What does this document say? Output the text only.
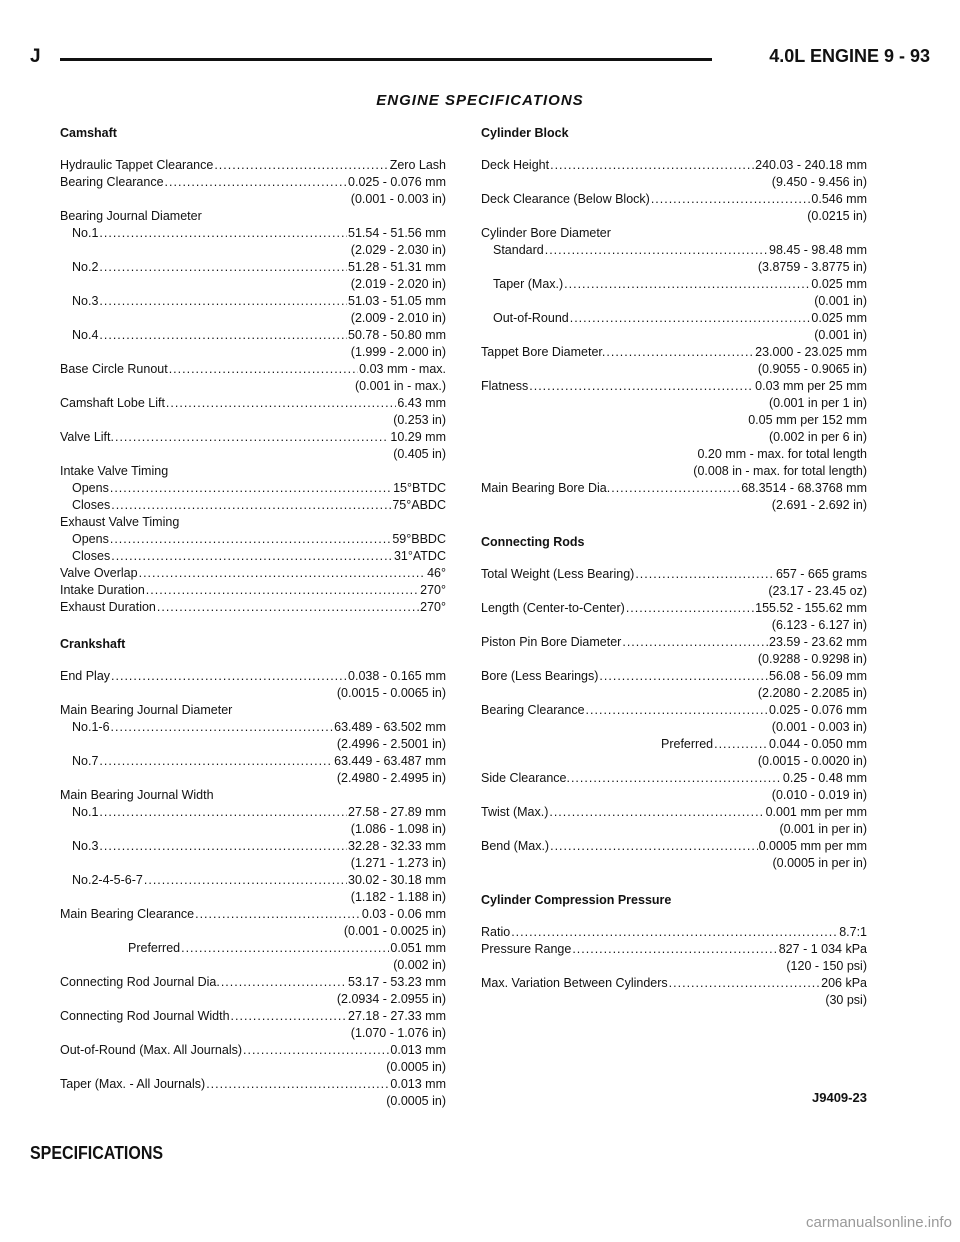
J	4.0L ENGINE 9 - 93
ENGINE SPECIFICATIONS
Camshaft
Hydraulic Tappet Clearance .....	Zero Lash
Bearing Clearance .....	0.025 - 0.076 mm
(0.001 - 0.003 in)
Bearing Journal Diameter
No.1 .....	51.54 - 51.56 mm
(2.029 - 2.030 in)
No.2 .....	51.28 - 51.31 mm
(2.019 - 2.020 in)
No.3 .....	51.03 - 51.05 mm
(2.009 - 2.010 in)
No.4 .....	50.78 - 50.80 mm
(1.999 - 2.000 in)
Base Circle Runout .....	0.03 mm - max.
(0.001 in - max.)
Camshaft Lobe Lift .....	6.43 mm
(0.253 in)
Valve Lift. .....	10.29 mm
(0.405 in)
Intake Valve Timing
Opens .....	15°BTDC
Closes .....	75°ABDC
Exhaust Valve Timing
Opens .....	59°BBDC
Closes .....	31°ATDC
Valve Overlap .....	46°
Intake Duration .....	270°
Exhaust Duration .....	270°
Crankshaft
End Play .....	0.038 - 0.165 mm
(0.0015 - 0.0065 in)
Main Bearing Journal Diameter
No.1-6 .....	63.489 - 63.502 mm
(2.4996 - 2.5001 in)
No.7 .....	63.449 - 63.487 mm
(2.4980 - 2.4995 in)
Main Bearing Journal Width
No.1 .....	27.58 - 27.89 mm
(1.086 - 1.098 in)
No.3 .....	32.28 - 32.33 mm
(1.271 - 1.273 in)
No.2-4-5-6-7 .....	30.02 - 30.18 mm
(1.182 - 1.188 in)
Main Bearing Clearance .....	0.03 - 0.06 mm
(0.001 - 0.0025 in)
Preferred .....	0.051 mm
(0.002 in)
Connecting Rod Journal Dia. .....	53.17 - 53.23 mm
(2.0934 - 2.0955 in)
Connecting Rod Journal Width .....	27.18 - 27.33 mm
(1.070 - 1.076 in)
Out-of-Round (Max. All Journals) .....	0.013 mm
(0.0005 in)
Taper (Max. - All Journals) .....	0.013 mm
(0.0005 in)
Cylinder Block
Deck Height .....	240.03 - 240.18 mm
(9.450 - 9.456 in)
Deck Clearance (Below Block) .....	0.546 mm
(0.0215 in)
Cylinder Bore Diameter
Standard .....	98.45 - 98.48 mm
(3.8759 - 3.8775 in)
Taper (Max.) .....	0.025 mm
(0.001 in)
Out-of-Round .....	0.025 mm
(0.001 in)
Tappet Bore Diameter. .....	23.000 - 23.025 mm
(0.9055 - 0.9065 in)
Flatness .....	0.03 mm per 25 mm
(0.001 in per 1 in)
0.05 mm per 152 mm
(0.002 in per 6 in)
0.20 mm - max. for total length
(0.008 in - max. for total length)
Main Bearing Bore Dia. .....	68.3514 - 68.3768 mm
(2.691 - 2.692 in)
Connecting Rods
Total Weight (Less Bearing) .....	657 - 665 grams
(23.17 - 23.45 oz)
Length (Center-to-Center) .....	155.52 - 155.62 mm
(6.123 - 6.127 in)
Piston Pin Bore Diameter .....	23.59 - 23.62 mm
(0.9288 - 0.9298 in)
Bore (Less Bearings) .....	56.08 - 56.09 mm
(2.2080 - 2.2085 in)
Bearing Clearance .....	0.025 - 0.076 mm
(0.001 - 0.003 in)
Preferred .....	0.044 - 0.050 mm
(0.0015 - 0.0020 in)
Side Clearance. .....	0.25 - 0.48 mm
(0.010 - 0.019 in)
Twist (Max.) .....	0.001 mm per mm
(0.001 in per in)
Bend (Max.) .....	0.0005 mm per mm
(0.0005 in per in)
Cylinder Compression Pressure
Ratio .....	8.7:1
Pressure Range .....	827 - 1 034 kPa
(120 - 150 psi)
Max. Variation Between Cylinders .....	206 kPa
(30 psi)
J9409-23
SPECIFICATIONS
carmanualsonline.info
